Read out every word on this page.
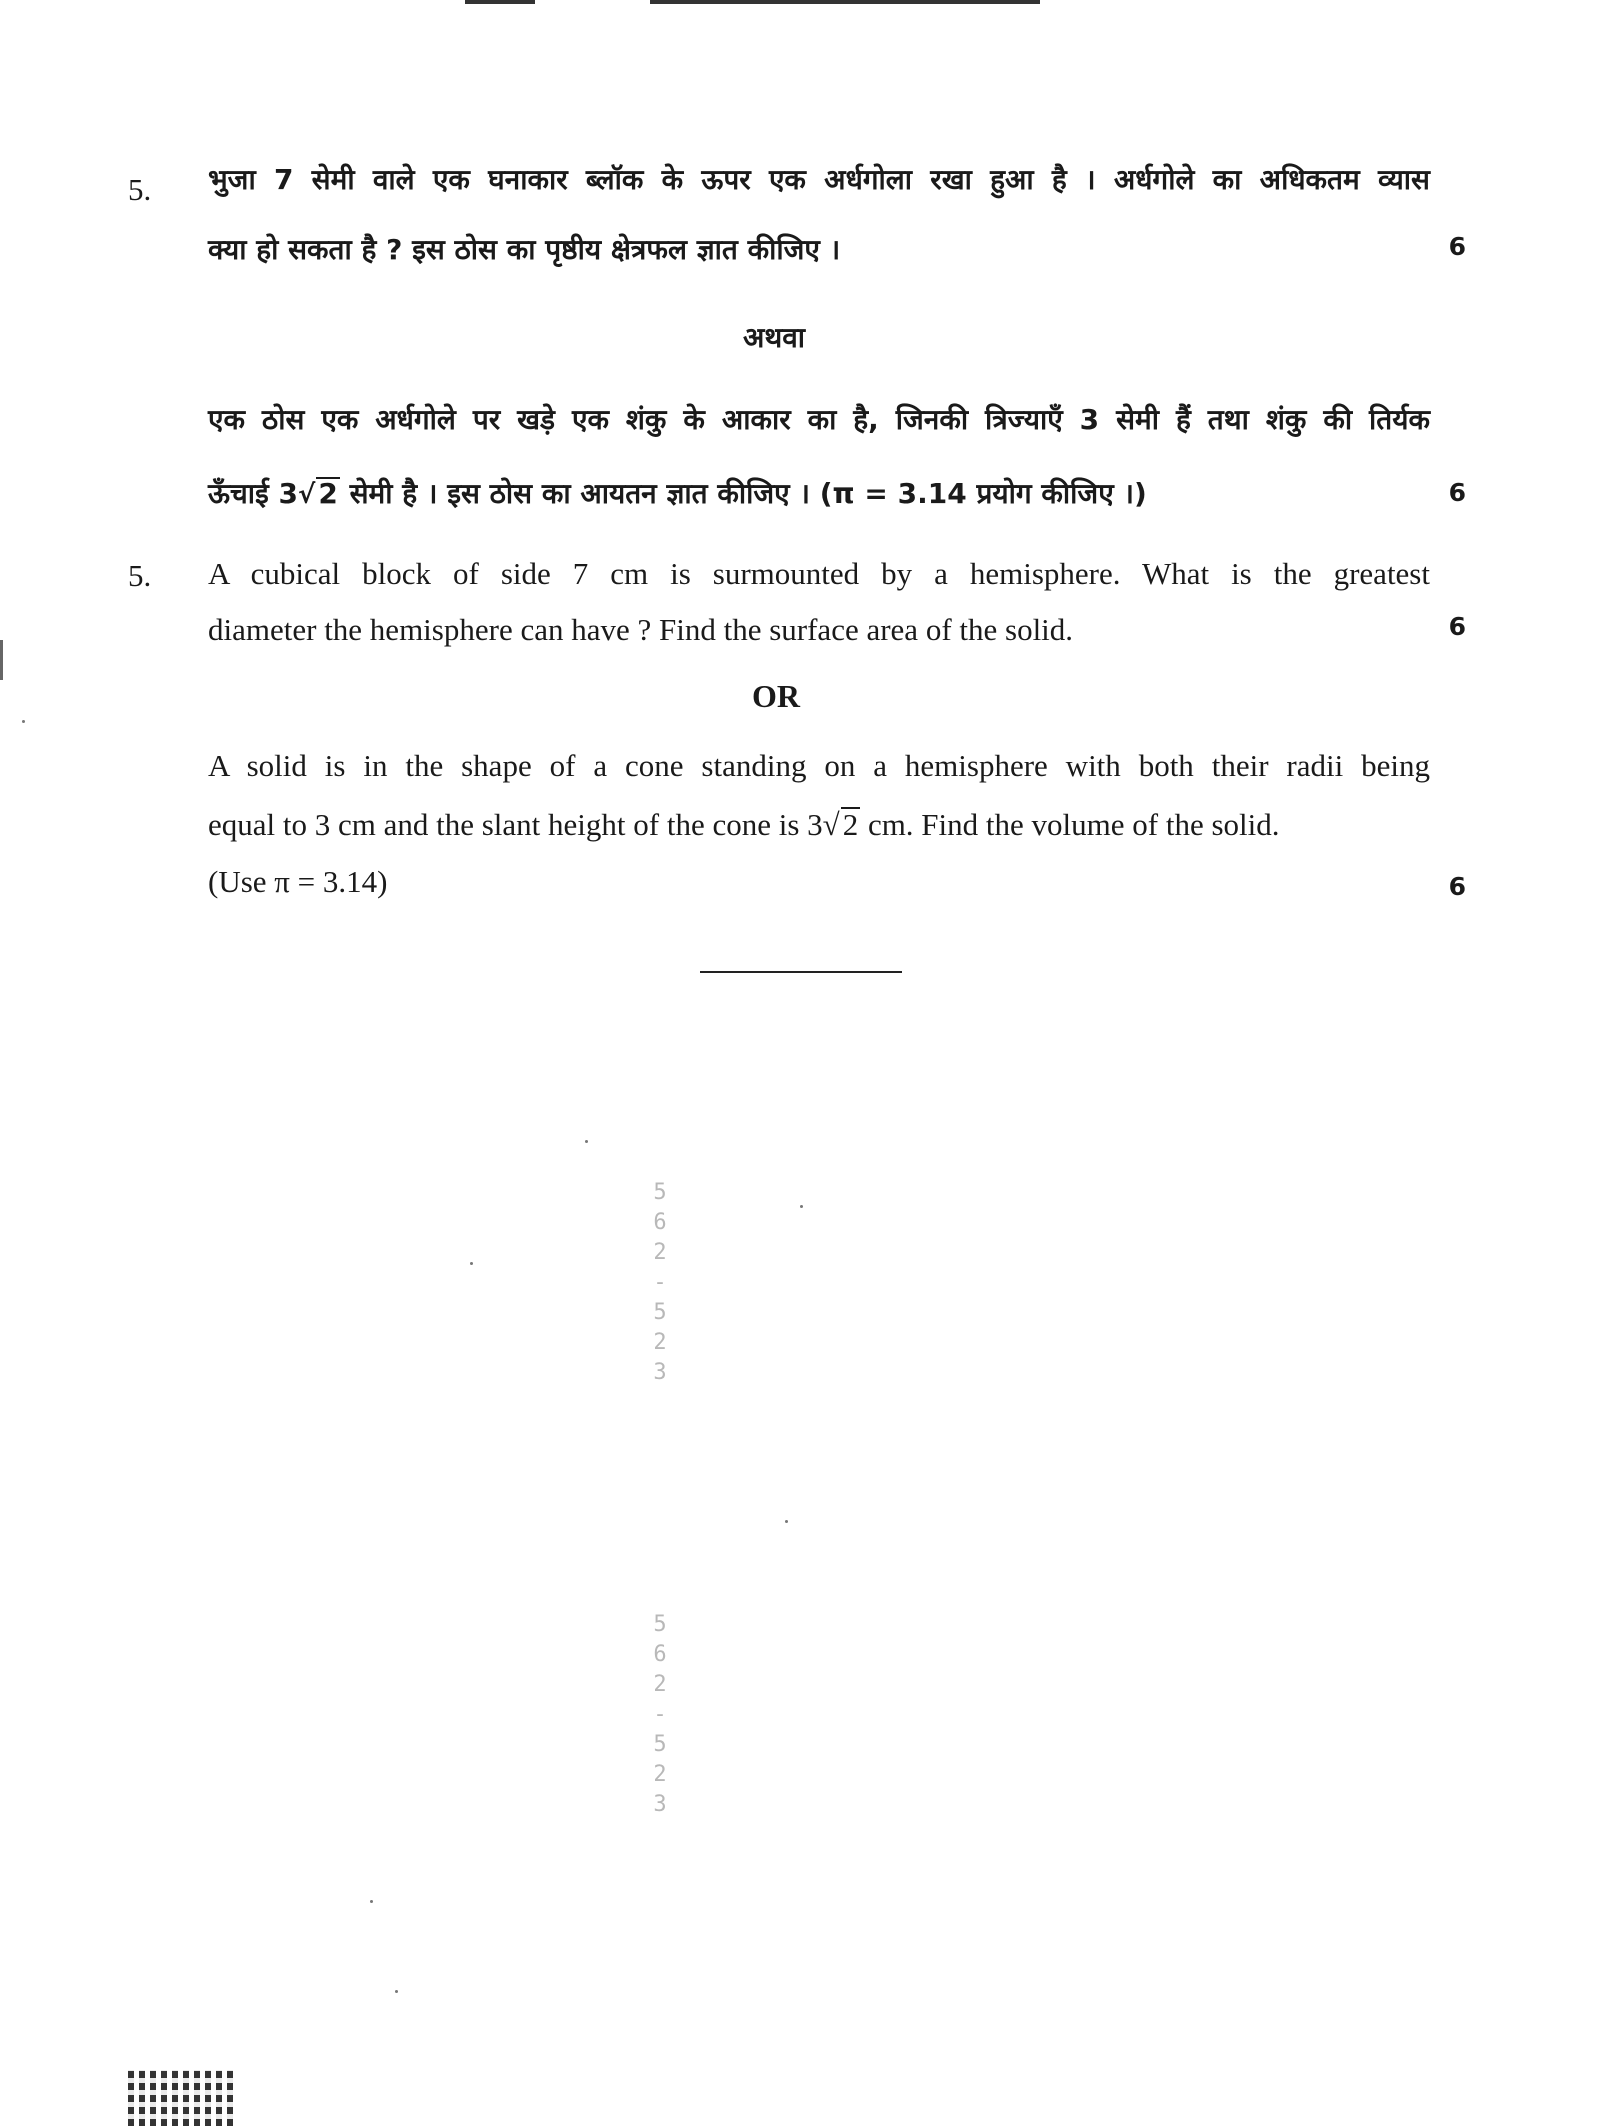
5. भुजा 7 सेमी वाले एक घनाकार ब्लॉक के ऊपर एक अर्धगोला रखा हुआ है । अर्धगोले का अधिकतम व्यास
क्या हो सकता है ? इस ठोस का पृष्ठीय क्षेत्रफल ज्ञात कीजिए ।	6
अथवा
एक ठोस एक अर्धगोले पर खड़े एक शंकु के आकार का है, जिनकी त्रिज्याएँ 3 सेमी हैं तथा शंकु की तिर्यक
ऊँचाई 3√ 2 सेमी है । इस ठोस का आयतन ज्ञात कीजिए । (π = 3.14 प्रयोग कीजिए ।)	6
5. A cubical block of side 7 cm is surmounted by a hemisphere. What is the greatest
diameter the hemisphere can have ? Find the surface area of the solid.	6
OR
A solid is in the shape of a cone standing on a hemisphere with both their radii being
equal to 3 cm and the slant height of the cone is 3√2 cm. Find the volume of the solid.
(Use π = 3.14)	6
5
6
2
-
5
2
3
5
6
2
-
5
2
3
